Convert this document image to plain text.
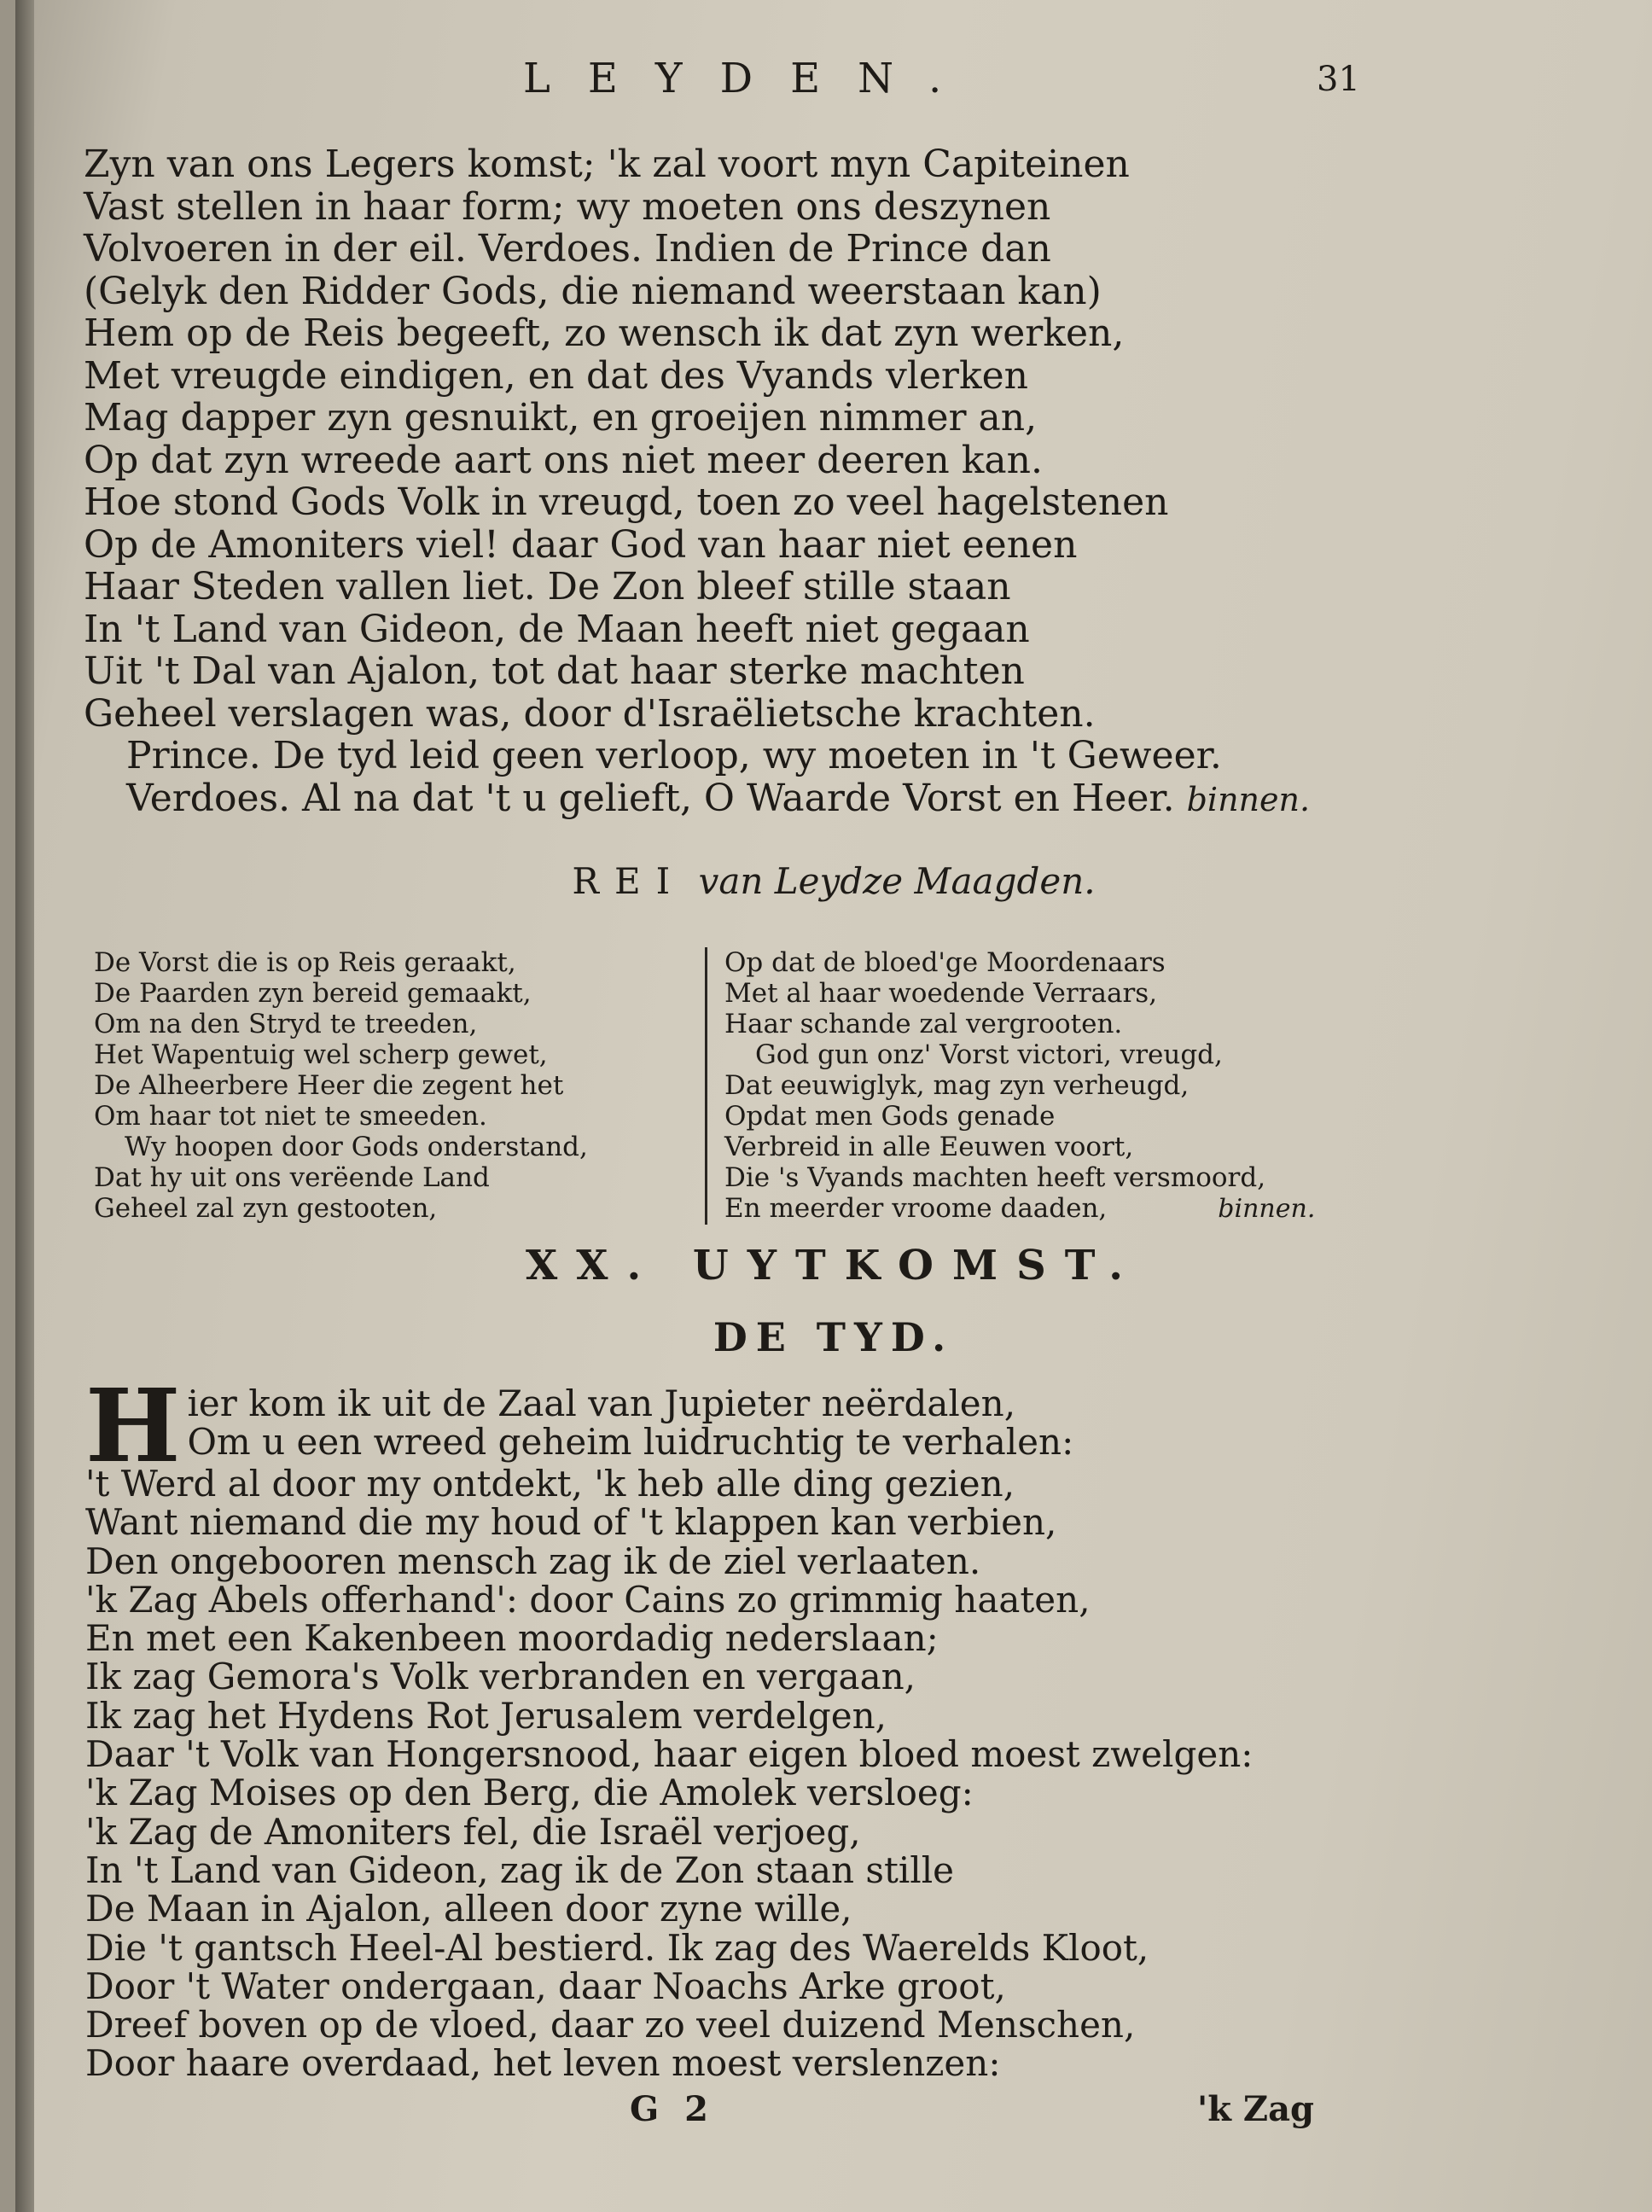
LEYDEN.	31
Zyn van ons Legers komst; 'k zal voort myn Capiteinen
Vast stellen in haar form; wy moeten ons deszynen
Volvoeren in der eil. Verdoes. Indien de Prince dan
(Gelyk den Ridder Gods, die niemand weerstaan kan)
Hem op de Reis begeeft, zo wensch ik dat zyn werken,
Met vreugde eindigen, en dat des Vyands vlerken
Mag dapper zyn gesnuikt, en groeijen nimmer an,
Op dat zyn wreede aart ons niet meer deeren kan.
Hoe stond Gods Volk in vreugd, toen zo veel hagelstenen
Op de Amoniters viel! daar God van haar niet eenen
Haar Steden vallen liet. De Zon bleef stille staan
In 't Land van Gideon, de Maan heeft niet gegaan
Uit 't Dal van Ajalon, tot dat haar sterke machten
Geheel verslagen was, door d'Israëlietsche krachten.
Prince. De tyd leid geen verloop, wy moeten in 't Geweer.
Verdoes. Al na dat 't u gelieft, O Waarde Vorst en Heer. binnen.
REI van Leydze Maagden.
De Vorst die is op Reis geraakt,
De Paarden zyn bereid gemaakt,
Om na den Stryd te treeden,
Het Wapentuig wel scherp gewet,
De Alheerbere Heer die zegent het
Om haar tot niet te smeeden.
Wy hoopen door Gods onderstand,
Dat hy uit ons verëende Land
Geheel zal zyn gestooten,
Op dat de bloed'ge Moordenaars
Met al haar woedende Verraars,
Haar schande zal vergrooten.
God gun onz' Vorst victori, vreugd,
Dat eeuwiglyk, mag zyn verheugd,
Opdat men Gods genade
Verbreid in alle Eeuwen voort,
Die 's Vyands machten heeft versmoord,
En meerder vroome daaden,	binnen.
XX. UYTKOMST.
DE TYD.
H ier kom ik uit de Zaal van Jupieter neërdalen,
Om u een wreed geheim luidruchtig te verhalen:
't Werd al door my ontdekt, 'k heb alle ding gezien,
Want niemand die my houd of 't klappen kan verbien,
Den ongebooren mensch zag ik de ziel verlaaten.
'k Zag Abels offerhand': door Cains zo grimmig haaten,
En met een Kakenbeen moordadig nederslaan;
Ik zag Gemora's Volk verbranden en vergaan,
Ik zag het Hydens Rot Jerusalem verdelgen,
Daar 't Volk van Hongersnood, haar eigen bloed moest zwelgen:
'k Zag Moises op den Berg, die Amolek versloeg:
'k Zag de Amoniters fel, die Israël verjoeg,
In 't Land van Gideon, zag ik de Zon staan stille
De Maan in Ajalon, alleen door zyne wille,
Die 't gantsch Heel-Al bestierd. Ik zag des Waerelds Kloot,
Door 't Water ondergaan, daar Noachs Arke groot,
Dreef boven op de vloed, daar zo veel duizend Menschen,
Door haare overdaad, het leven moest verslenzen:
G 2	'k Zag
